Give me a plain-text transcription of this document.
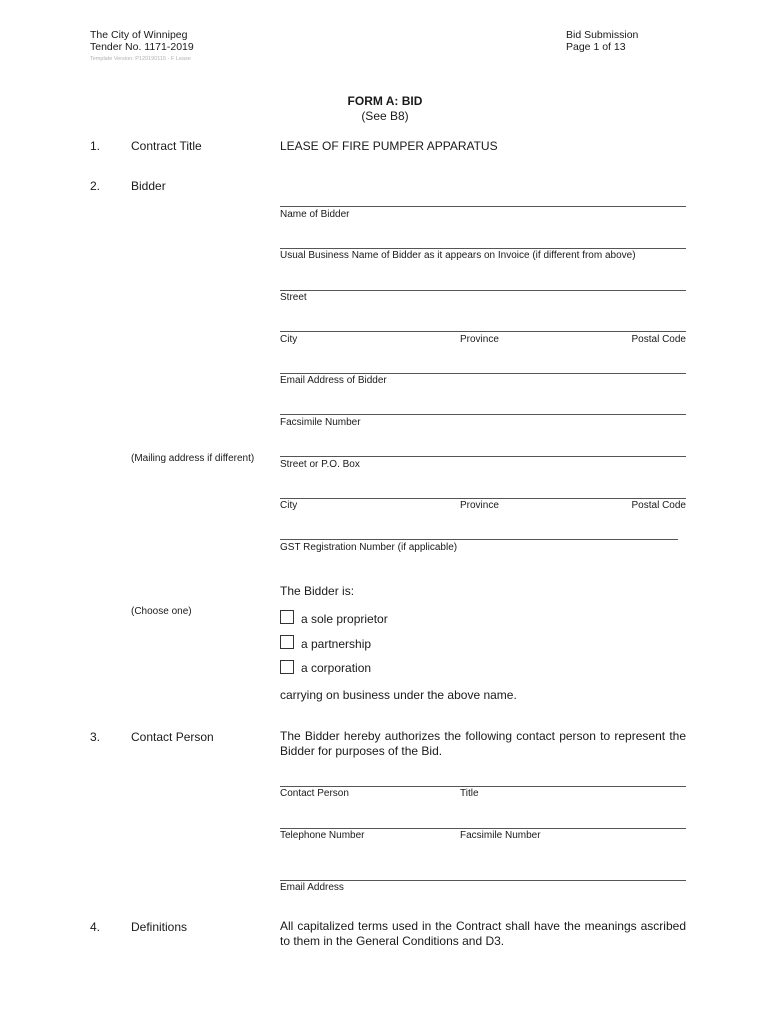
The City of Winnipeg
Tender No. 1171-2019
Template Version: P120190115 - F Lease
Bid Submission
Page 1 of 13
FORM A: BID
(See B8)
1.	Contract Title	LEASE OF FIRE PUMPER APPARATUS
2.	Bidder
Name of Bidder
Usual Business Name of Bidder as it appears on Invoice (if different from above)
Street
City	Province	Postal Code
Email Address of Bidder
Facsimile Number
(Mailing address if different)
Street or P.O. Box
City	Province	Postal Code
GST Registration Number (if applicable)
The Bidder is:
(Choose one)
a sole proprietor
a partnership
a corporation
carrying on business under the above name.
3.	Contact Person	The Bidder hereby authorizes the following contact person to represent the Bidder for purposes of the Bid.
Contact Person	Title
Telephone Number	Facsimile Number
Email Address
4.	Definitions	All capitalized terms used in the Contract shall have the meanings ascribed to them in the General Conditions and D3.
